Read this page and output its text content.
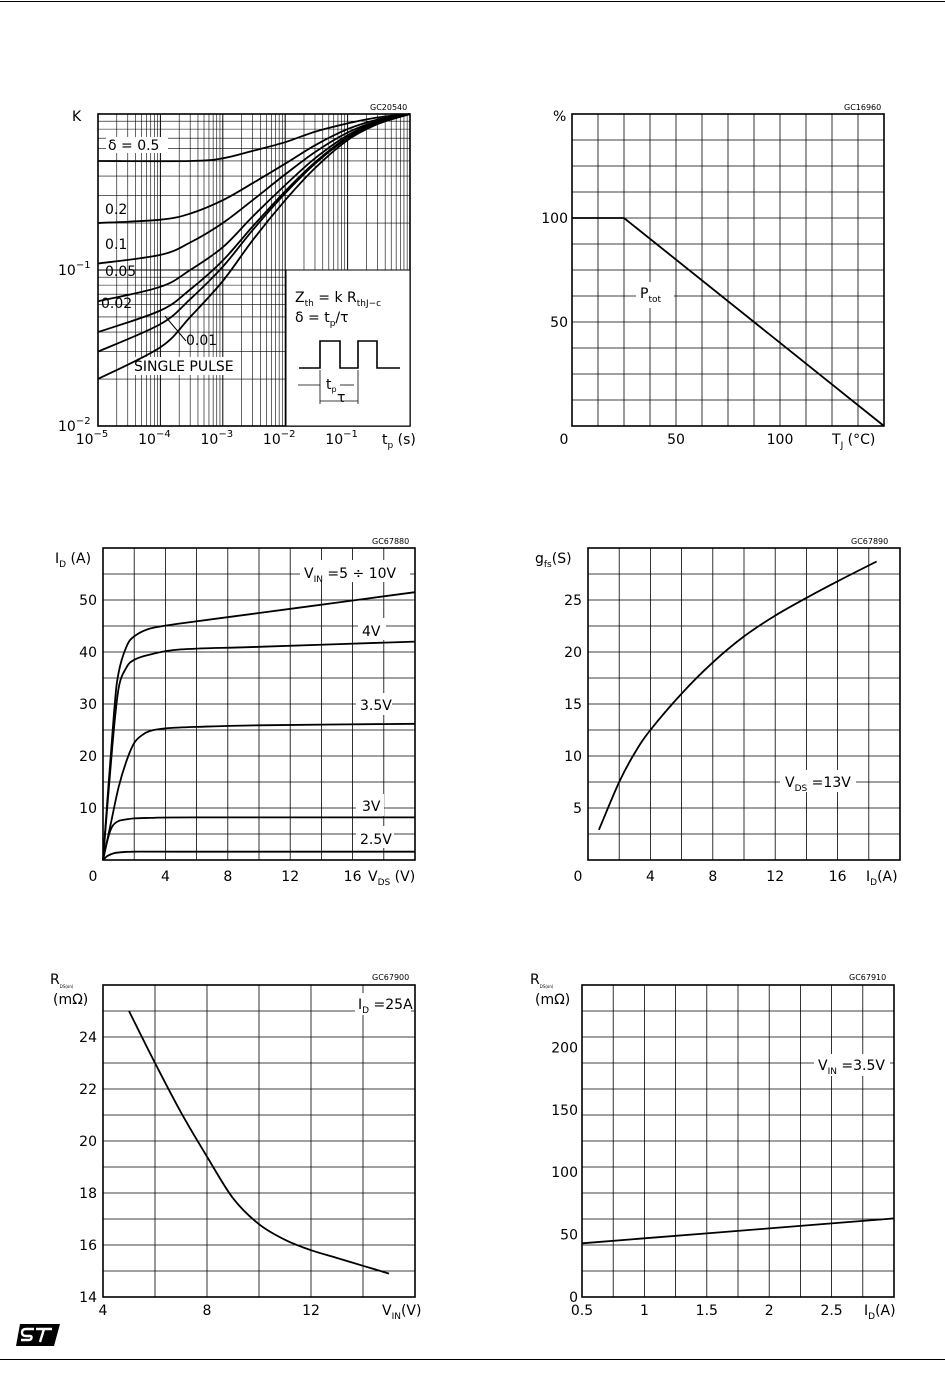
δ = 0.5
0.2
0.1
0.05
0.02
0.01
SINGLE PULSE
$10^{-5}$ $10^{-4}$ $10^{-3}$ $10^{-2}$ $10^{-1}$
$10^{-1}$
$10^{-2}$
K
$t_p$ (s)
GC20540
$Z_{th} = k$ $R_{thJ-c}$
$\delta = t_p/\tau$
$t_p$
τ
$P_{tot}$
0	50	100
100
50
%
$T_J$ (°C)
GC16960
$V_{IN} =5 \div 10V$
4V
3.5V
3V
2.5V
0	4	8	12	16
10
20
30
40
50
$I_D$ (A)
$V_{DS}$ (V)
GC67880
0	4	8	12	16
5
10
15
20
25
$g_{fs}(S)$
$I_D(A)$
$V_{DS} =13V$
GC67890
4	8	12
14
16
18
20
22
24
$R_{DS(on)}$
(mΩ)
$V_{IN}(V)$
$I_D =25A$
GC67900
0.5	1	1.5	2	2.5
0
50
100
150
200
$R_{DS(on)}$
(mΩ)
$I_D(A)$
$V_{IN} =3.5V$
GC67910
